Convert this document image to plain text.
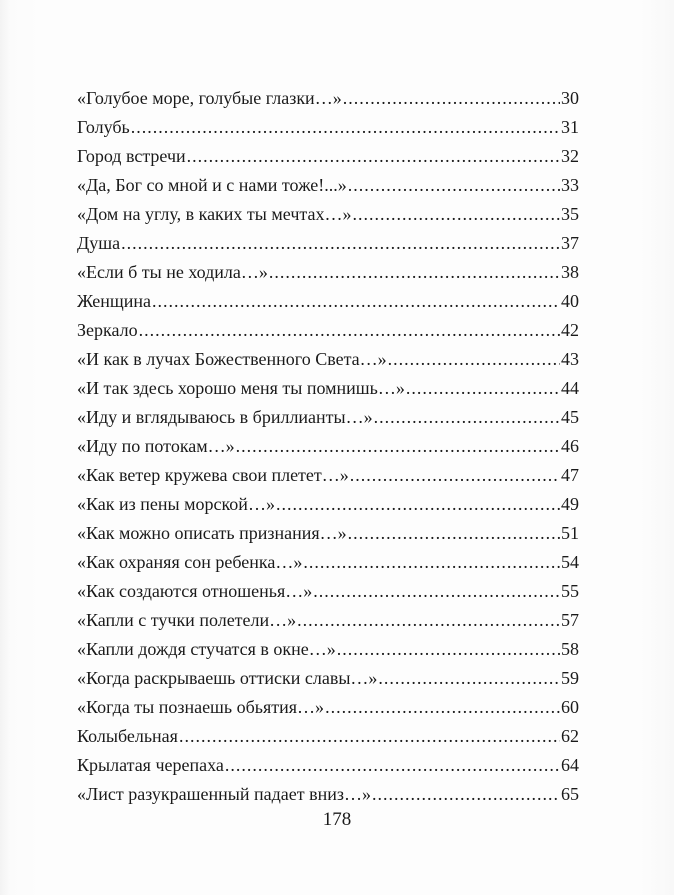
«Голубое море, голубые глазки…» .....	30
Голубь .....	31
Город встречи .....	32
«Да, Бог со мной и с нами тоже!...» .....	33
«Дом на углу, в каких ты мечтах…» .....	35
Душа .....	37
«Если б ты не ходила…» .....	38
Женщина .....	40
Зеркало .....	42
«И как в лучах Божественного Света…» .....	43
«И так здесь хорошо меня ты помнишь…» .....	44
«Иду и вглядываюсь в бриллианты…» .....	45
«Иду по потокам…» .....	46
«Как ветер кружева свои плетет…» .....	47
«Как из пены морской…» .....	49
«Как можно описать признания…» .....	51
«Как охраняя сон ребенка…» .....	54
«Как создаются отношенья…» .....	55
«Капли с тучки полетели…» .....	57
«Капли дождя стучатся в окне…» .....	58
«Когда раскрываешь оттиски славы…» .....	59
«Когда ты познаешь обьятия…» .....	60
Колыбельная .....	62
Крылатая черепаха .....	64
«Лист разукрашенный падает вниз…» .....	65
178
